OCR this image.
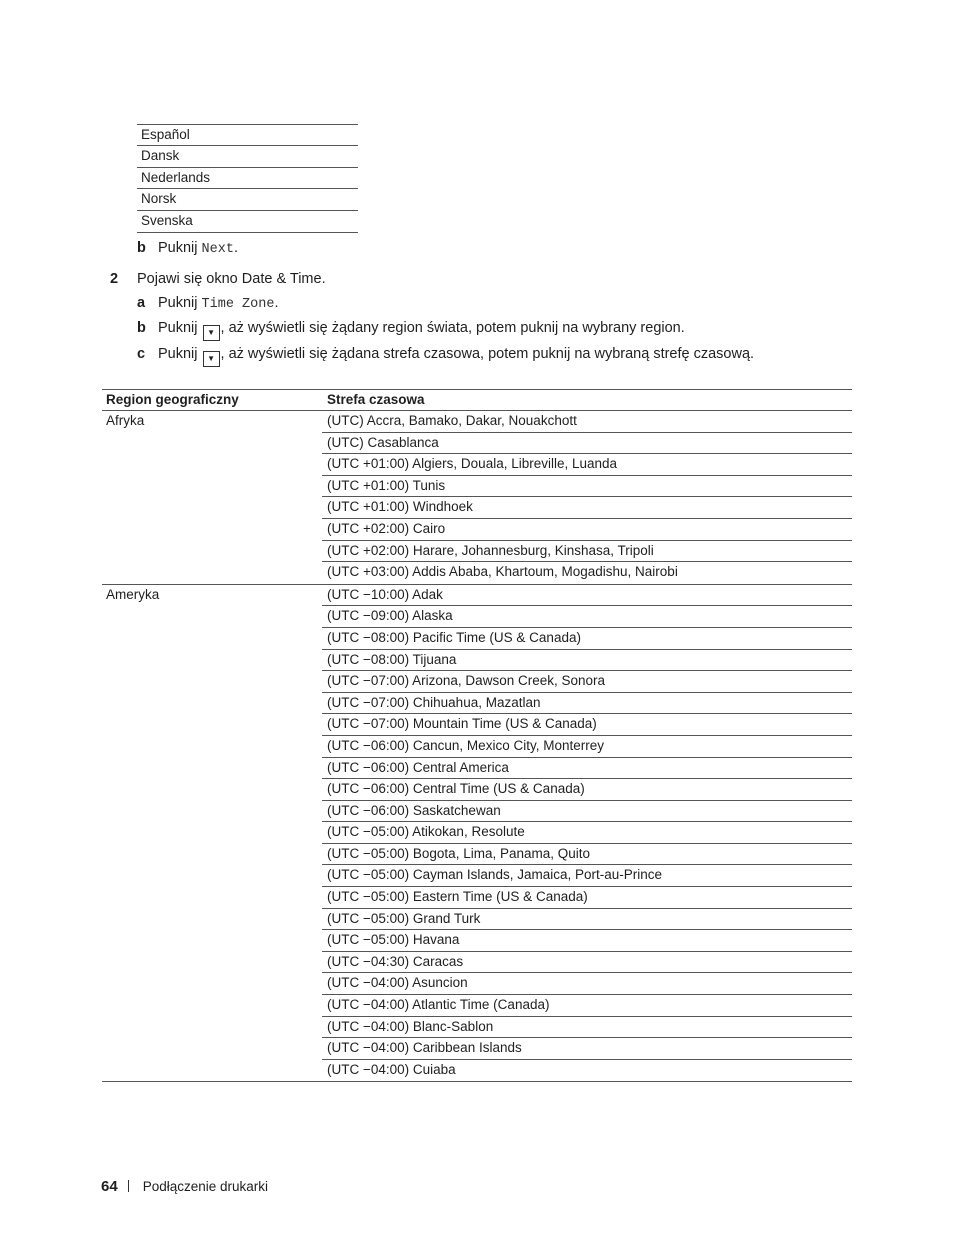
Español
Dansk
Nederlands
Norsk
Svenska
b Puknij Next.
2 Pojawi się okno Date & Time.
a Puknij Time Zone.
b Puknij ▼ , aż wyświetli się żądany region świata, potem puknij na wybrany region.
c Puknij ▼ , aż wyświetli się żądana strefa czasowa, potem puknij na wybraną strefę czasową.
Region geograficzny	Strefa czasowa
Afryka	(UTC) Accra, Bamako, Dakar, Nouakchott
(UTC) Casablanca
(UTC +01:00) Algiers, Douala, Libreville, Luanda
(UTC +01:00) Tunis
(UTC +01:00) Windhoek
(UTC +02:00) Cairo
(UTC +02:00) Harare, Johannesburg, Kinshasa, Tripoli
(UTC +03:00) Addis Ababa, Khartoum, Mogadishu, Nairobi
Ameryka	(UTC −10:00) Adak
(UTC −09:00) Alaska
(UTC −08:00) Pacific Time (US & Canada)
(UTC −08:00) Tijuana
(UTC −07:00) Arizona, Dawson Creek, Sonora
(UTC −07:00) Chihuahua, Mazatlan
(UTC −07:00) Mountain Time (US & Canada)
(UTC −06:00) Cancun, Mexico City, Monterrey
(UTC −06:00) Central America
(UTC −06:00) Central Time (US & Canada)
(UTC −06:00) Saskatchewan
(UTC −05:00) Atikokan, Resolute
(UTC −05:00) Bogota, Lima, Panama, Quito
(UTC −05:00) Cayman Islands, Jamaica, Port-au-Prince
(UTC −05:00) Eastern Time (US & Canada)
(UTC −05:00) Grand Turk
(UTC −05:00) Havana
(UTC −04:30) Caracas
(UTC −04:00) Asuncion
(UTC −04:00) Atlantic Time (Canada)
(UTC −04:00) Blanc-Sablon
(UTC −04:00) Caribbean Islands
(UTC −04:00) Cuiaba
64 Podłączenie drukarki
